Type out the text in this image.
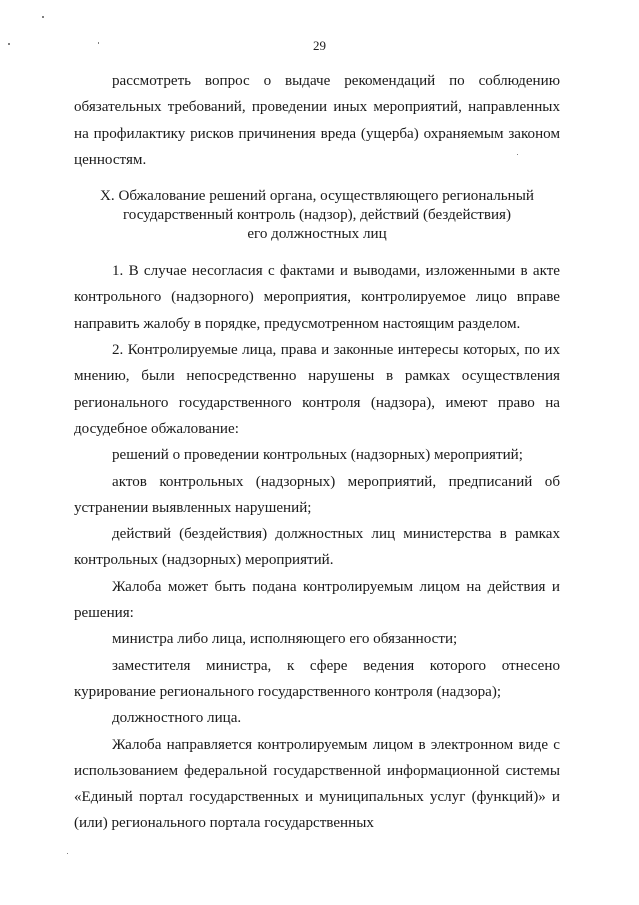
29

рассмотреть вопрос о выдаче рекомендаций по соблюдению обязательных требований, проведении иных мероприятий, направленных на профилактику рисков причинения вреда (ущерба) охраняемым законом ценностям.

X. Обжалование решений органа, осуществляющего региональный
государственный контроль (надзор), действий (бездействия)
его должностных лиц

1. В случае несогласия с фактами и выводами, изложенными в акте контрольного (надзорного) мероприятия, контролируемое лицо вправе направить жалобу в порядке, предусмотренном настоящим разделом.

2. Контролируемые лица, права и законные интересы которых, по их мнению, были непосредственно нарушены в рамках осуществления регионального государственного контроля (надзора), имеют право на досудебное обжалование:

решений о проведении контрольных (надзорных) мероприятий;

актов контрольных (надзорных) мероприятий, предписаний об устранении выявленных нарушений;

действий (бездействия) должностных лиц министерства в рамках контрольных (надзорных) мероприятий.

Жалоба может быть подана контролируемым лицом на действия и решения:

министра либо лица, исполняющего его обязанности;

заместителя министра, к сфере ведения которого отнесено курирование регионального государственного контроля (надзора);

должностного лица.

Жалоба направляется контролируемым лицом в электронном виде с использованием федеральной государственной информационной системы «Единый портал государственных и муниципальных услуг (функций)» и (или) регионального портала государственных
